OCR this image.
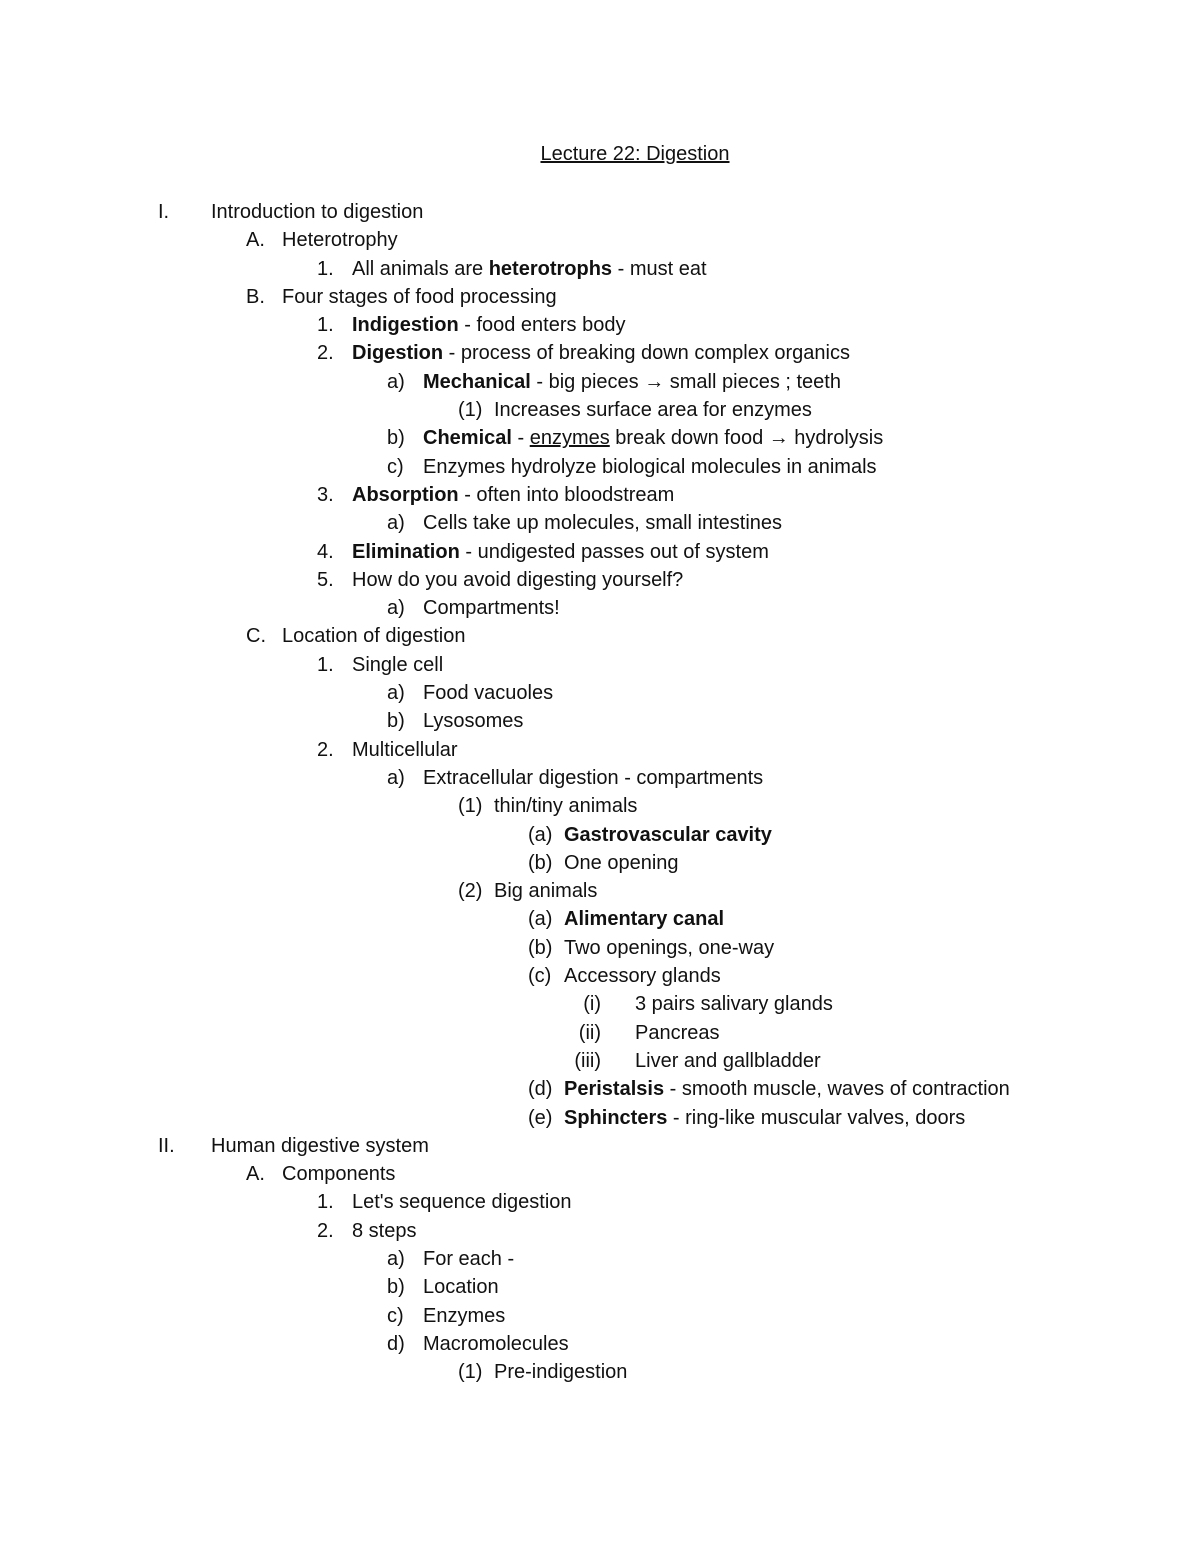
Lecture 22: Digestion
I. Introduction to digestion
A. Heterotrophy
1. All animals are heterotrophs - must eat
B. Four stages of food processing
1. Indigestion - food enters body
2. Digestion - process of breaking down complex organics
a) Mechanical - big pieces → small pieces ; teeth
(1) Increases surface area for enzymes
b) Chemical - enzymes break down food → hydrolysis
c) Enzymes hydrolyze biological molecules in animals
3. Absorption - often into bloodstream
a) Cells take up molecules, small intestines
4. Elimination - undigested passes out of system
5. How do you avoid digesting yourself?
a) Compartments!
C. Location of digestion
1. Single cell
a) Food vacuoles
b) Lysosomes
2. Multicellular
a) Extracellular digestion - compartments
(1) thin/tiny animals
(a) Gastrovascular cavity
(b) One opening
(2) Big animals
(a) Alimentary canal
(b) Two openings, one-way
(c) Accessory glands
(i) 3 pairs salivary glands
(ii) Pancreas
(iii) Liver and gallbladder
(d) Peristalsis - smooth muscle, waves of contraction
(e) Sphincters - ring-like muscular valves, doors
II. Human digestive system
A. Components
1. Let's sequence digestion
2. 8 steps
a) For each -
b) Location
c) Enzymes
d) Macromolecules
(1) Pre-indigestion
